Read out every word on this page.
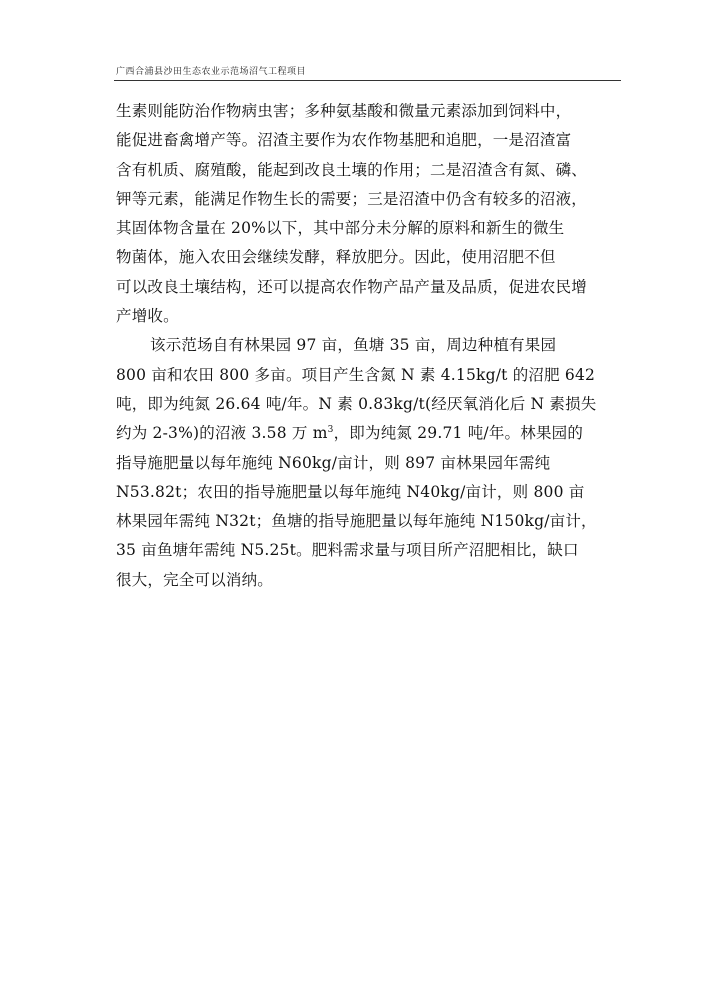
广西合浦县沙田生态农业示范场沼气工程项目
生素则能防治作物病虫害；多种氨基酸和微量元素添加到饲料中，
能促进畜禽增产等。沼渣主要作为农作物基肥和追肥，一是沼渣富
含有机质、腐殖酸，能起到改良土壤的作用；二是沼渣含有氮、磷、
钾等元素，能满足作物生长的需要；三是沼渣中仍含有较多的沼液，
其固体物含量在 20%以下，其中部分未分解的原料和新生的微生
物菌体，施入农田会继续发酵，释放肥分。因此，使用沼肥不但
可以改良土壤结构，还可以提高农作物产品产量及品质，促进农民增
产增收。
该示范场自有林果园 97 亩，鱼塘 35 亩，周边种植有果园
800 亩和农田 800 多亩。项目产生含氮 N 素 4.15kg/t 的沼肥 642
吨，即为纯氮 26.64 吨/年。N 素 0.83kg/t(经厌氧消化后 N 素损失
约为 2-3%)的沼液 3.58 万 $m^3$，即为纯氮 29.71 吨/年。林果园的
指导施肥量以每年施纯 N60kg/亩计，则 897 亩林果园年需纯
N53.82t；农田的指导施肥量以每年施纯 N40kg/亩计，则 800 亩
林果园年需纯 N32t；鱼塘的指导施肥量以每年施纯 N150kg/亩计，
35 亩鱼塘年需纯 N5.25t。肥料需求量与项目所产沼肥相比，缺口
很大，完全可以消纳。
